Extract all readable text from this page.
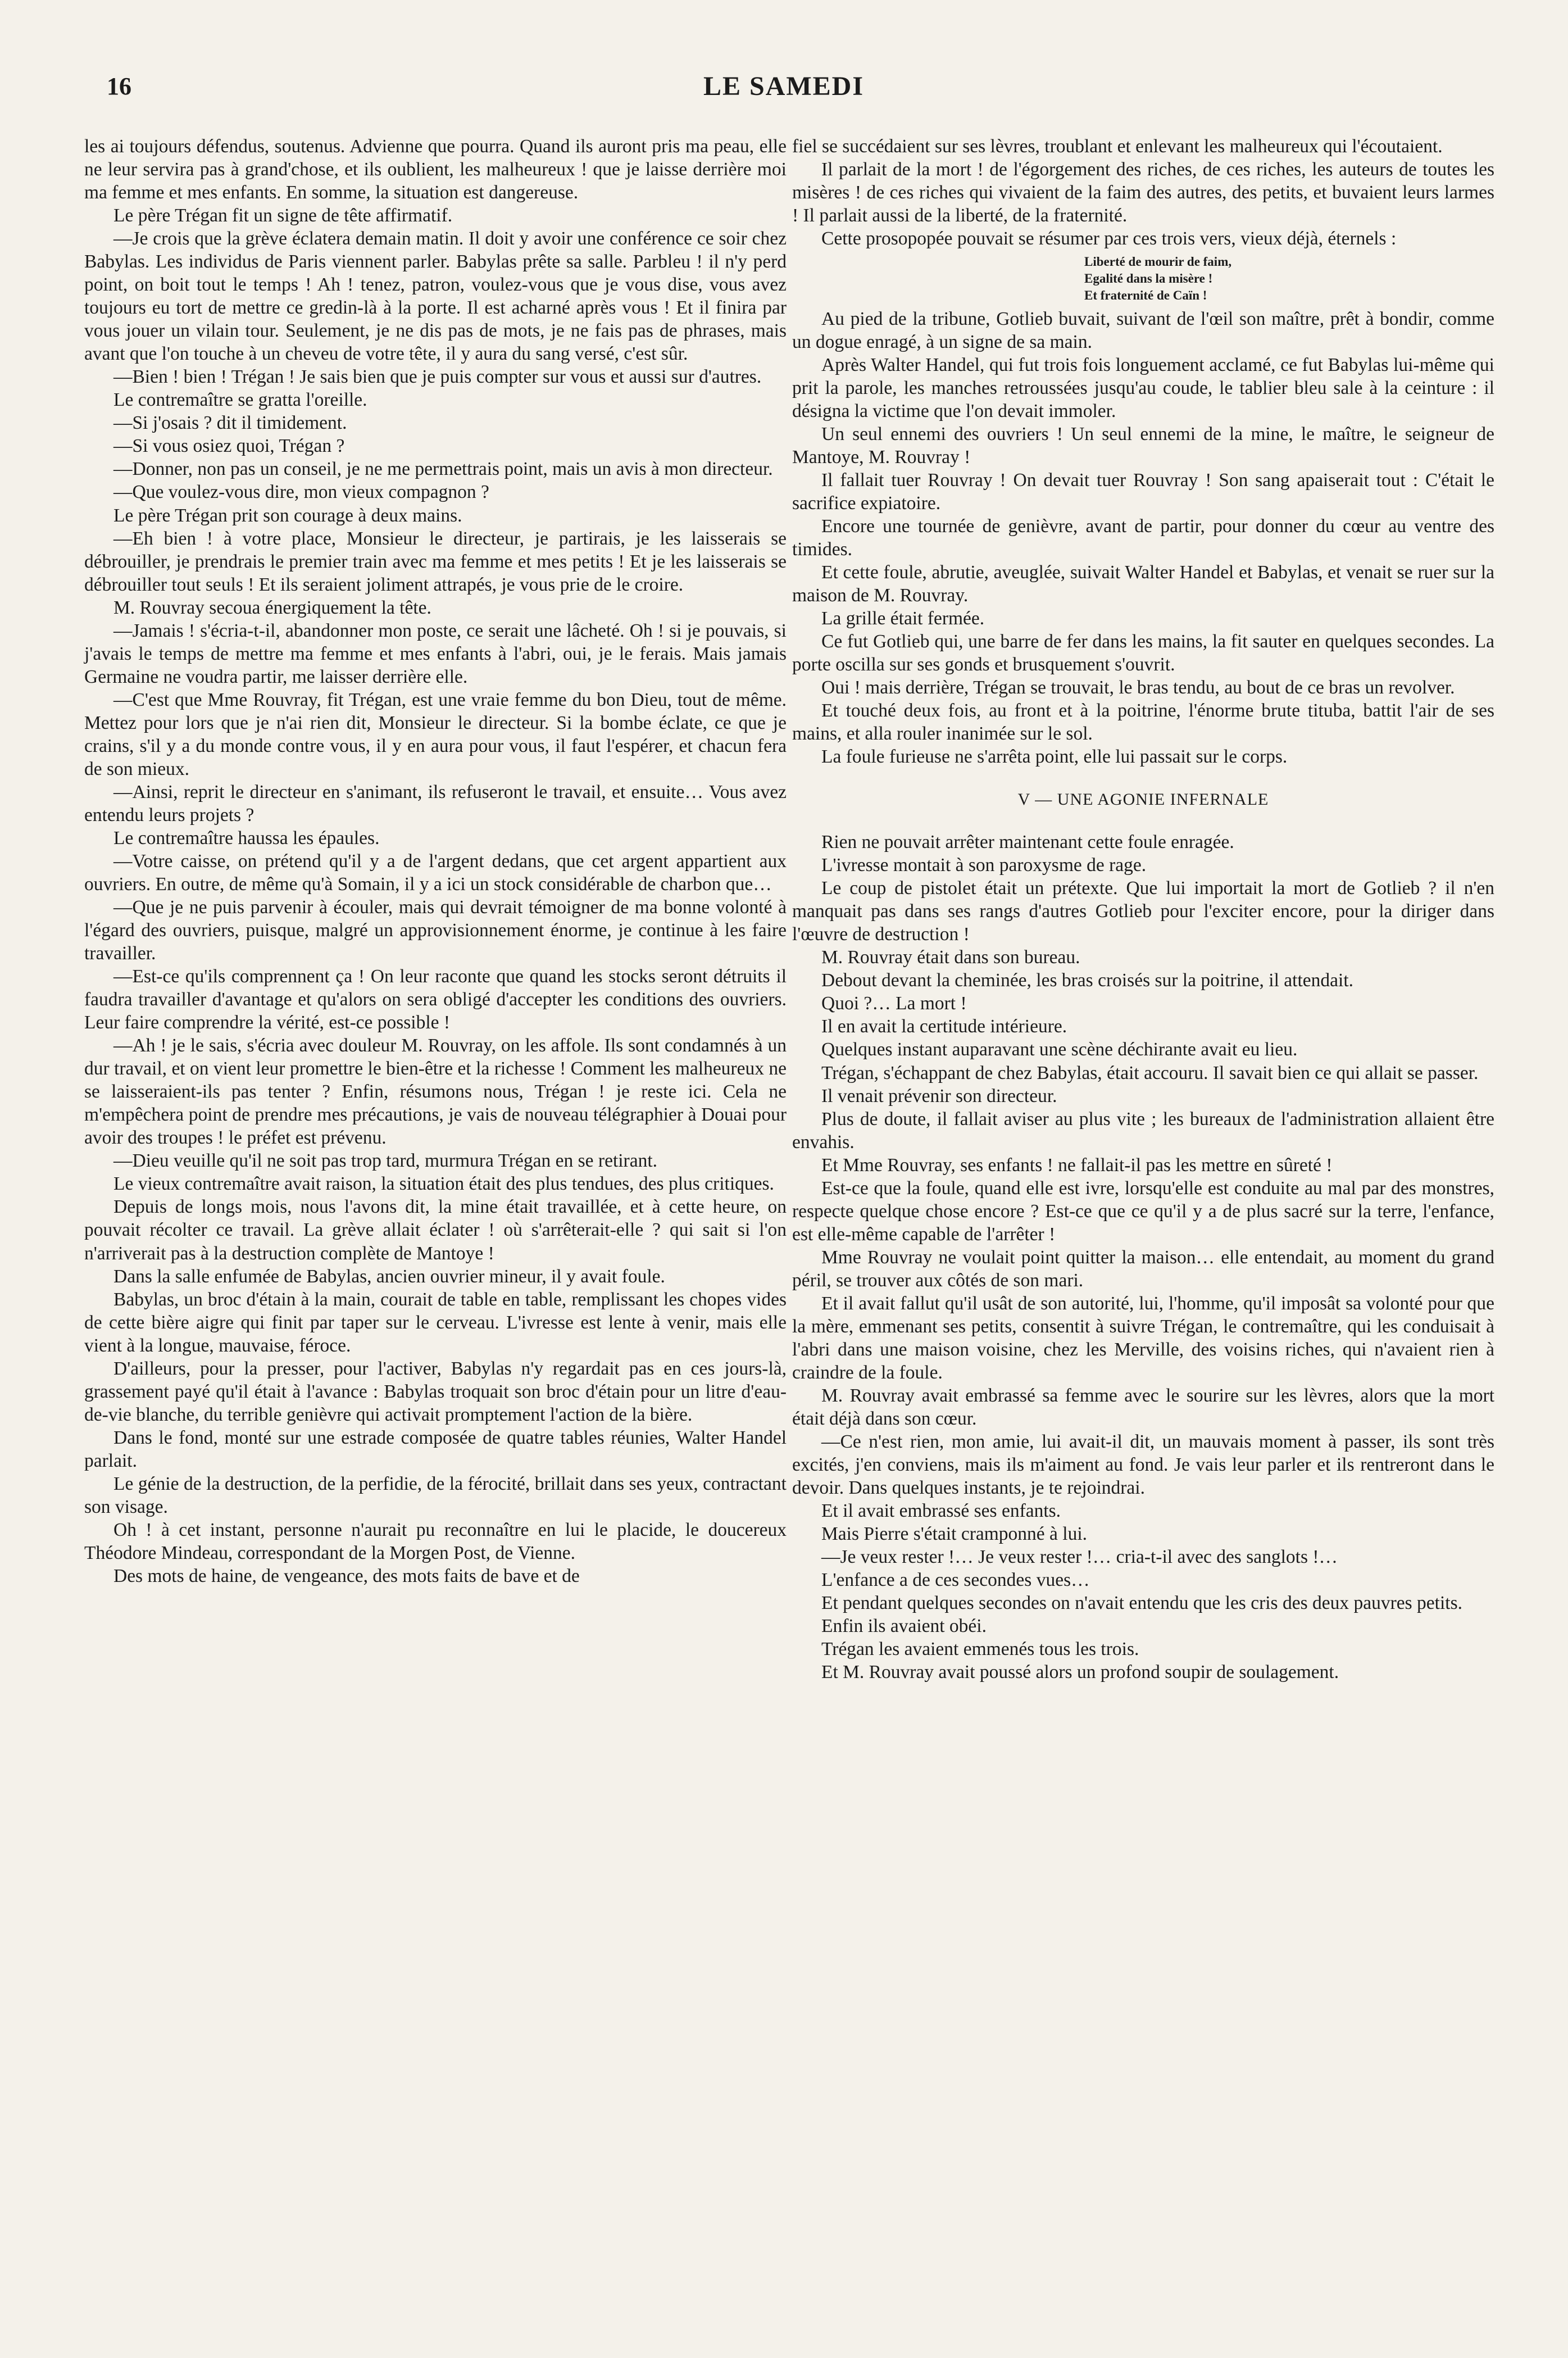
16	LE SAMEDI

les ai toujours défendus, soutenus. Advienne que pourra. Quand ils auront pris ma peau, elle ne leur servira pas à grand'chose, et ils oublient, les malheureux ! que je laisse derrière moi ma femme et mes enfants. En somme, la situation est dangereuse.

Le père Trégan fit un signe de tête affirmatif.

—Je crois que la grève éclatera demain matin. Il doit y avoir une conférence ce soir chez Babylas. Les individus de Paris viennent parler. Babylas prête sa salle. Parbleu ! il n'y perd point, on boit tout le temps ! Ah ! tenez, patron, voulez-vous que je vous dise, vous avez toujours eu tort de mettre ce gredin-là à la porte. Il est acharné après vous ! Et il finira par vous jouer un vilain tour. Seulement, je ne dis pas de mots, je ne fais pas de phrases, mais avant que l'on touche à un cheveu de votre tête, il y aura du sang versé, c'est sûr.

—Bien ! bien ! Trégan ! Je sais bien que je puis compter sur vous et aussi sur d'autres.

Le contremaître se gratta l'oreille.

—Si j'osais ? dit il timidement.

—Si vous osiez quoi, Trégan ?

—Donner, non pas un conseil, je ne me permettrais point, mais un avis à mon directeur.

—Que voulez-vous dire, mon vieux compagnon ?

Le père Trégan prit son courage à deux mains.

—Eh bien ! à votre place, Monsieur le directeur, je partirais, je les laisserais se débrouiller, je prendrais le premier train avec ma femme et mes petits ! Et je les laisserais se débrouiller tout seuls ! Et ils seraient joliment attrapés, je vous prie de le croire.

M. Rouvray secoua énergiquement la tête.

—Jamais ! s'écria-t-il, abandonner mon poste, ce serait une lâcheté. Oh ! si je pouvais, si j'avais le temps de mettre ma femme et mes enfants à l'abri, oui, je le ferais. Mais jamais Germaine ne voudra partir, me laisser derrière elle.

—C'est que Mme Rouvray, fit Trégan, est une vraie femme du bon Dieu, tout de même. Mettez pour lors que je n'ai rien dit, Monsieur le directeur. Si la bombe éclate, ce que je crains, s'il y a du monde contre vous, il y en aura pour vous, il faut l'espérer, et chacun fera de son mieux.

—Ainsi, reprit le directeur en s'animant, ils refuseront le travail, et ensuite… Vous avez entendu leurs projets ?

Le contremaître haussa les épaules.

—Votre caisse, on prétend qu'il y a de l'argent dedans, que cet argent appartient aux ouvriers. En outre, de même qu'à Somain, il y a ici un stock considérable de charbon que…

—Que je ne puis parvenir à écouler, mais qui devrait témoigner de ma bonne volonté à l'égard des ouvriers, puisque, malgré un approvisionnement énorme, je continue à les faire travailler.

—Est-ce qu'ils comprennent ça ! On leur raconte que quand les stocks seront détruits il faudra travailler d'avantage et qu'alors on sera obligé d'accepter les conditions des ouvriers. Leur faire comprendre la vérité, est-ce possible !

—Ah ! je le sais, s'écria avec douleur M. Rouvray, on les affole. Ils sont condamnés à un dur travail, et on vient leur promettre le bien-être et la richesse ! Comment les malheureux ne se laisseraient-ils pas tenter ? Enfin, résumons nous, Trégan ! je reste ici. Cela ne m'empêchera point de prendre mes précautions, je vais de nouveau télégraphier à Douai pour avoir des troupes ! le préfet est prévenu.

—Dieu veuille qu'il ne soit pas trop tard, murmura Trégan en se retirant.

Le vieux contremaître avait raison, la situation était des plus tendues, des plus critiques.

Depuis de longs mois, nous l'avons dit, la mine était travaillée, et à cette heure, on pouvait récolter ce travail. La grève allait éclater ! où s'arrêterait-elle ? qui sait si l'on n'arriverait pas à la destruction complète de Mantoye !

Dans la salle enfumée de Babylas, ancien ouvrier mineur, il y avait foule.

Babylas, un broc d'étain à la main, courait de table en table, remplissant les chopes vides de cette bière aigre qui finit par taper sur le cerveau. L'ivresse est lente à venir, mais elle vient à la longue, mauvaise, féroce.

D'ailleurs, pour la presser, pour l'activer, Babylas n'y regardait pas en ces jours-là, grassement payé qu'il était à l'avance : Babylas troquait son broc d'étain pour un litre d'eau-de-vie blanche, du terrible genièvre qui activait promptement l'action de la bière.

Dans le fond, monté sur une estrade composée de quatre tables réunies, Walter Handel parlait.

Le génie de la destruction, de la perfidie, de la férocité, brillait dans ses yeux, contractant son visage.

Oh ! à cet instant, personne n'aurait pu reconnaître en lui le placide, le doucereux Théodore Mindeau, correspondant de la Morgen Post, de Vienne.

Des mots de haine, de vengeance, des mots faits de bave et de

fiel se succédaient sur ses lèvres, troublant et enlevant les malheureux qui l'écoutaient.

Il parlait de la mort ! de l'égorgement des riches, de ces riches, les auteurs de toutes les misères ! de ces riches qui vivaient de la faim des autres, des petits, et buvaient leurs larmes ! Il parlait aussi de la liberté, de la fraternité.

Cette prosopopée pouvait se résumer par ces trois vers, vieux déjà, éternels :

Liberté de mourir de faim,
Egalité dans la misère !
Et fraternité de Caïn !

Au pied de la tribune, Gotlieb buvait, suivant de l'œil son maître, prêt à bondir, comme un dogue enragé, à un signe de sa main.

Après Walter Handel, qui fut trois fois longuement acclamé, ce fut Babylas lui-même qui prit la parole, les manches retroussées jusqu'au coude, le tablier bleu sale à la ceinture : il désigna la victime que l'on devait immoler.

Un seul ennemi des ouvriers ! Un seul ennemi de la mine, le maître, le seigneur de Mantoye, M. Rouvray !

Il fallait tuer Rouvray ! On devait tuer Rouvray ! Son sang apaiserait tout : C'était le sacrifice expiatoire.

Encore une tournée de genièvre, avant de partir, pour donner du cœur au ventre des timides.

Et cette foule, abrutie, aveuglée, suivait Walter Handel et Babylas, et venait se ruer sur la maison de M. Rouvray.

La grille était fermée.

Ce fut Gotlieb qui, une barre de fer dans les mains, la fit sauter en quelques secondes. La porte oscilla sur ses gonds et brusquement s'ouvrit.

Oui ! mais derrière, Trégan se trouvait, le bras tendu, au bout de ce bras un revolver.

Et touché deux fois, au front et à la poitrine, l'énorme brute tituba, battit l'air de ses mains, et alla rouler inanimée sur le sol.

La foule furieuse ne s'arrêta point, elle lui passait sur le corps.

V — UNE AGONIE INFERNALE

Rien ne pouvait arrêter maintenant cette foule enragée.

L'ivresse montait à son paroxysme de rage.

Le coup de pistolet était un prétexte. Que lui importait la mort de Gotlieb ? il n'en manquait pas dans ses rangs d'autres Gotlieb pour l'exciter encore, pour la diriger dans l'œuvre de destruction !

M. Rouvray était dans son bureau.

Debout devant la cheminée, les bras croisés sur la poitrine, il attendait.

Quoi ?… La mort !

Il en avait la certitude intérieure.

Quelques instant auparavant une scène déchirante avait eu lieu.

Trégan, s'échappant de chez Babylas, était accouru. Il savait bien ce qui allait se passer.

Il venait prévenir son directeur.

Plus de doute, il fallait aviser au plus vite ; les bureaux de l'administration allaient être envahis.

Et Mme Rouvray, ses enfants ! ne fallait-il pas les mettre en sûreté !

Est-ce que la foule, quand elle est ivre, lorsqu'elle est conduite au mal par des monstres, respecte quelque chose encore ? Est-ce que ce qu'il y a de plus sacré sur la terre, l'enfance, est elle-même capable de l'arrêter !

Mme Rouvray ne voulait point quitter la maison… elle entendait, au moment du grand péril, se trouver aux côtés de son mari.

Et il avait fallut qu'il usât de son autorité, lui, l'homme, qu'il imposât sa volonté pour que la mère, emmenant ses petits, consentit à suivre Trégan, le contremaître, qui les conduisait à l'abri dans une maison voisine, chez les Merville, des voisins riches, qui n'avaient rien à craindre de la foule.

M. Rouvray avait embrassé sa femme avec le sourire sur les lèvres, alors que la mort était déjà dans son cœur.

—Ce n'est rien, mon amie, lui avait-il dit, un mauvais moment à passer, ils sont très excités, j'en conviens, mais ils m'aiment au fond. Je vais leur parler et ils rentreront dans le devoir. Dans quelques instants, je te rejoindrai.

Et il avait embrassé ses enfants.

Mais Pierre s'était cramponné à lui.

—Je veux rester !… Je veux rester !… cria-t-il avec des sanglots !…

L'enfance a de ces secondes vues…

Et pendant quelques secondes on n'avait entendu que les cris des deux pauvres petits.

Enfin ils avaient obéi.

Trégan les avaient emmenés tous les trois.

Et M. Rouvray avait poussé alors un profond soupir de soulagement.
